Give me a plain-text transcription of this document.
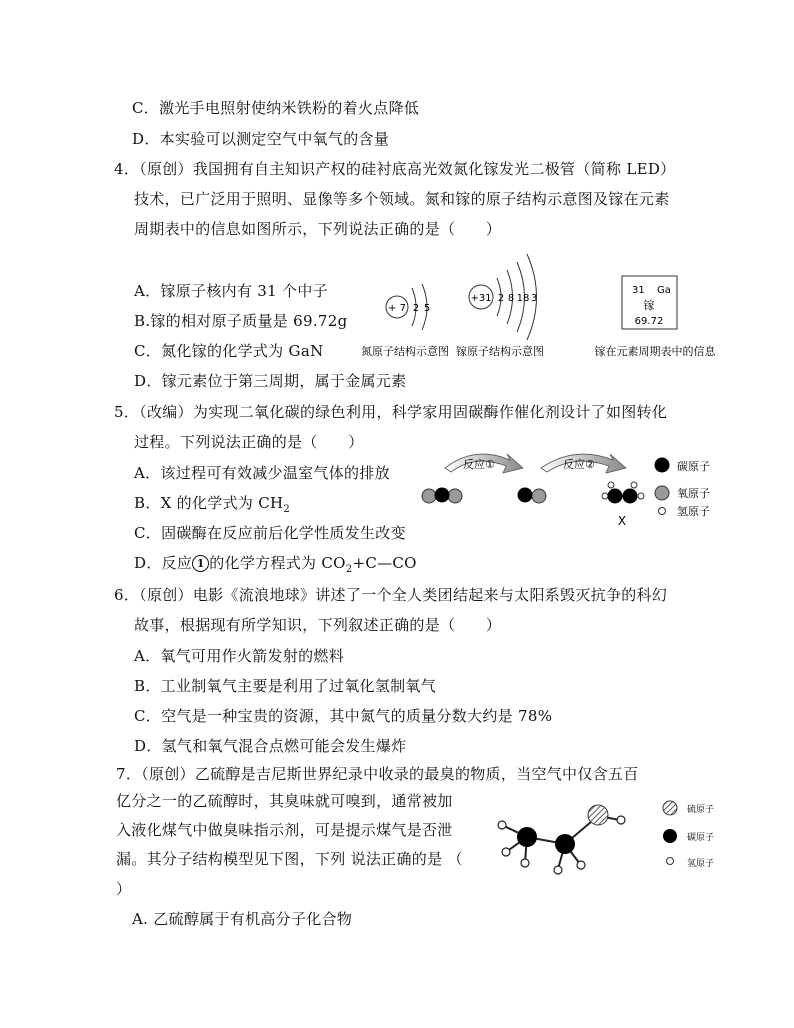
C．激光手电照射使纳米铁粉的着火点降低
D．本实验可以测定空气中氧气的含量
4．（原创）我国拥有自主知识产权的硅衬底高光效氮化镓发光二极管（简称 LED）
技术，已广泛用于照明、显像等多个领域。氮和镓的原子结构示意图及镓在元素
周期表中的信息如图所示，下列说法正确的是（　　）
A．镓原子核内有 31 个中子
B.镓的相对原子质量是 69.72g
C．氮化镓的化学式为 GaN
D．镓元素位于第三周期，属于金属元素
+ 7 2 5
+31 2 8 18 3
31 Ga
镓
69.72
氮原子结构示意图 镓原子结构示意图	镓在元素周期表中的信息
5．（改编）为实现二氧化碳的绿色利用，科学家用固碳酶作催化剂设计了如图转化
过程。下列说法正确的是（　　）
A．该过程可有效减少温室气体的排放
B．X 的化学式为 $CH_2$
C．固碳酶在反应前后化学性质发生改变
D．反应 1 的化学方程式为 $CO_2+C—CO$
反应①	反应②
X
碳原子
氧原子
氢原子
6．（原创）电影《流浪地球》讲述了一个全人类团结起来与太阳系毁灭抗争的科幻
故事，根据现有所学知识，下列叙述正确的是（　　）
A．氧气可用作火箭发射的燃料
B．工业制氧气主要是利用了过氧化氢制氧气
C．空气是一种宝贵的资源，其中氮气的质量分数大约是 78%
D．氢气和氧气混合点燃可能会发生爆炸
7．（原创）乙硫醇是吉尼斯世界纪录中收录的最臭的物质，当空气中仅含五百
亿分之一的乙硫醇时，其臭味就可嗅到，通常被加
入液化煤气中做臭味指示剂，可是提示煤气是否泄
漏。其分子结构模型见下图，下列 说法正确的是 （
）
A. 乙硫醇属于有机高分子化合物
硫原子
碳原子
氢原子
